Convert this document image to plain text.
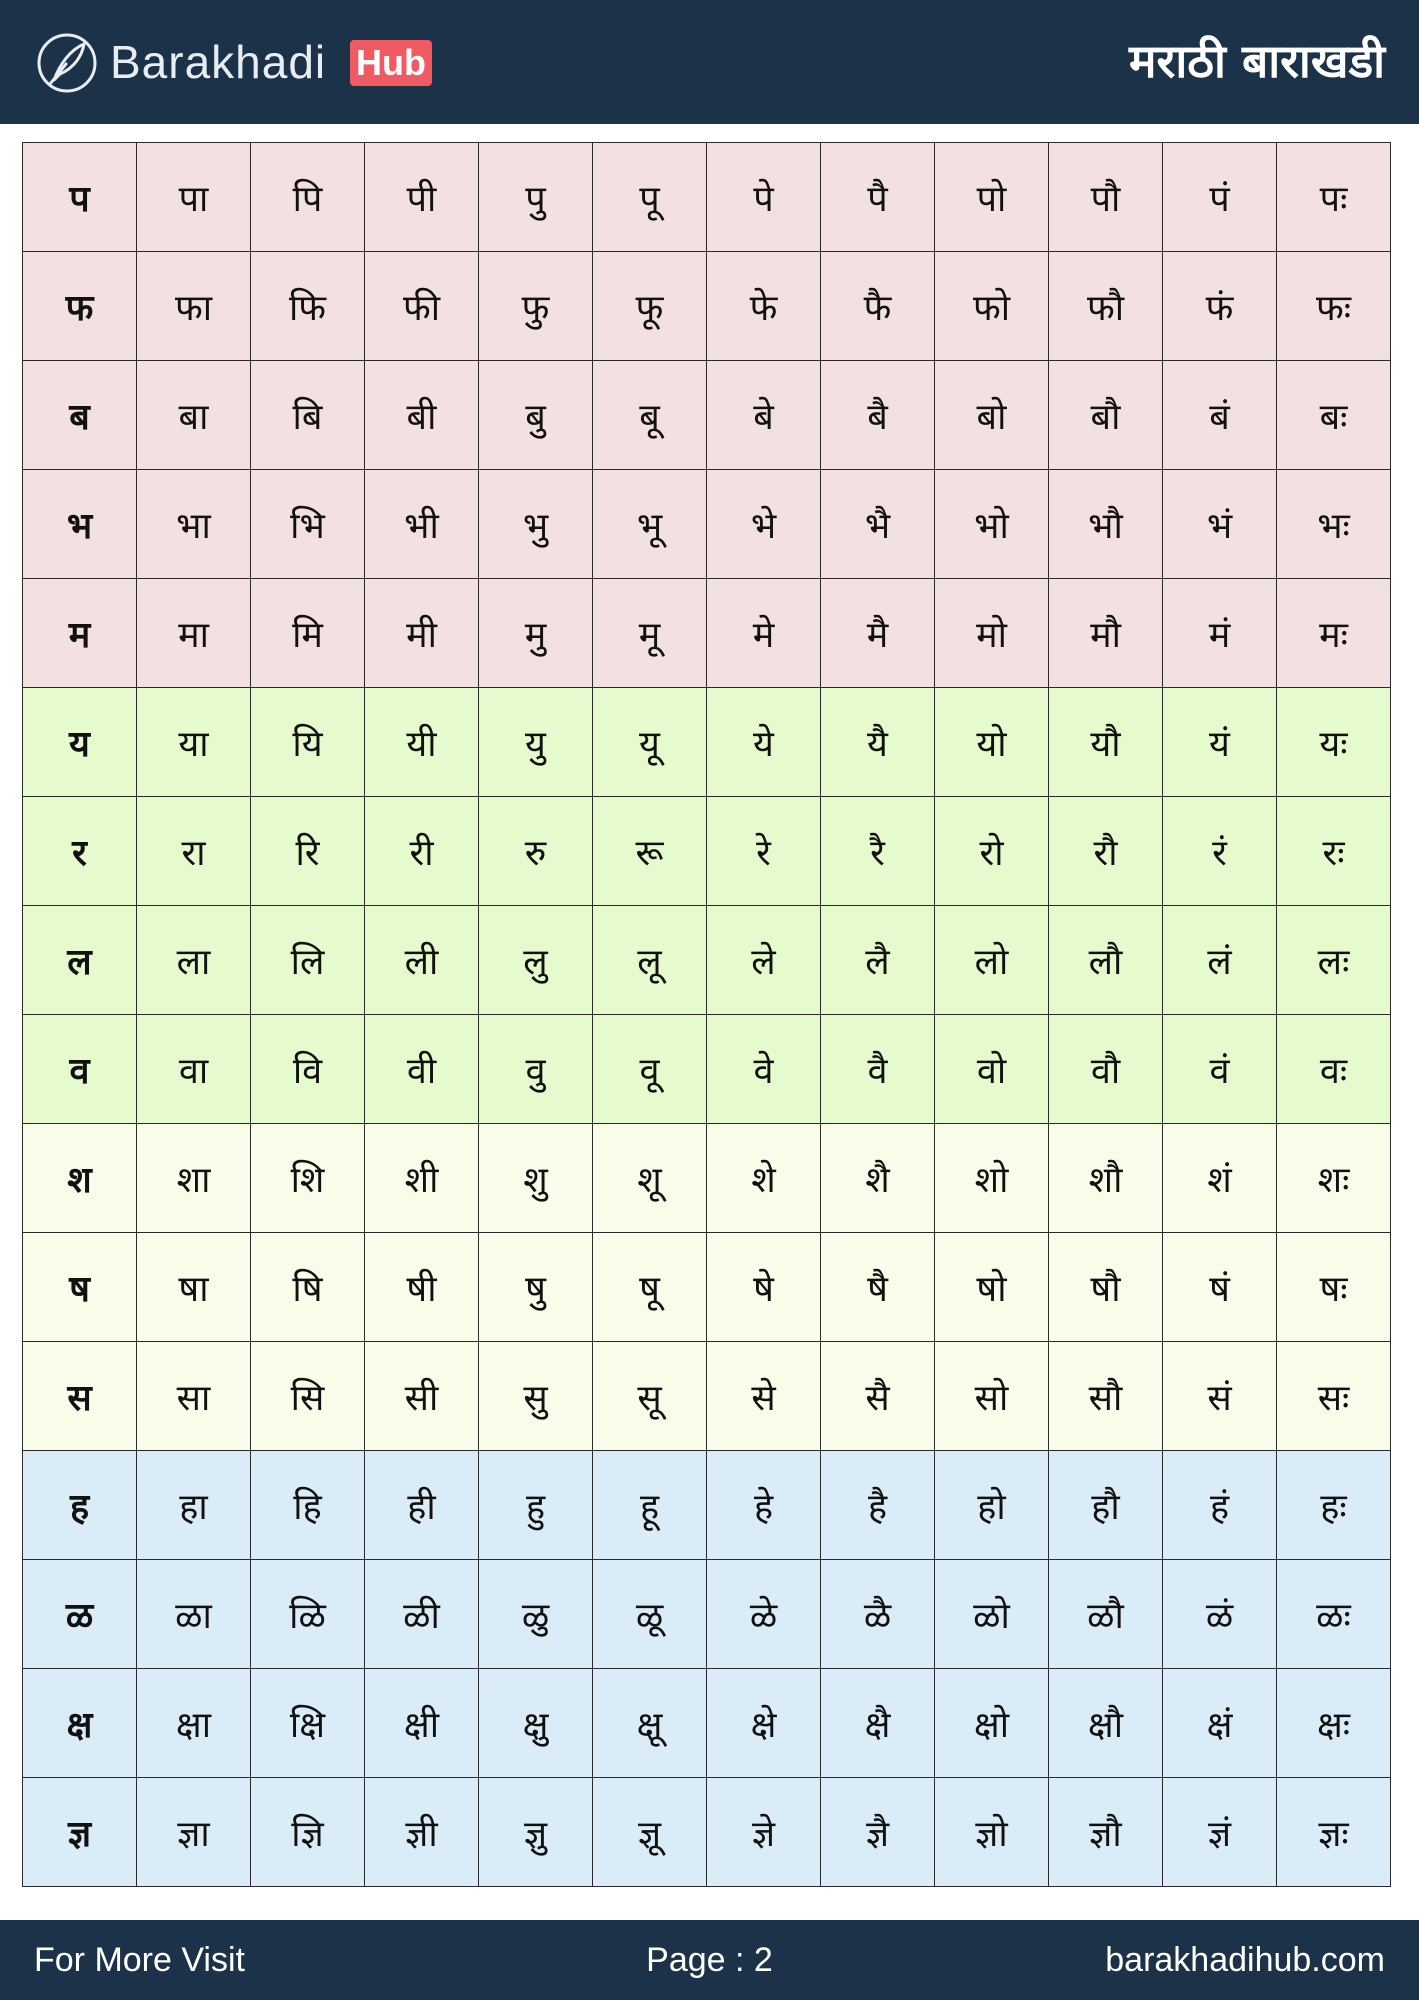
Barakhadi Hub	मराठी बाराखडी
प	पा	पि	पी	पु	पू	पे	पै	पो	पौ	पं	पः
फ	फा	फि	फी	फु	फू	फे	फै	फो	फौ	फं	फः
ब	बा	बि	बी	बु	बू	बे	बै	बो	बौ	बं	बः
भ	भा	भि	भी	भु	भू	भे	भै	भो	भौ	भं	भः
म	मा	मि	मी	मु	मू	मे	मै	मो	मौ	मं	मः
य	या	यि	यी	यु	यू	ये	यै	यो	यौ	यं	यः
र	रा	रि	री	रु	रू	रे	रै	रो	रौ	रं	रः
ल	ला	लि	ली	लु	लू	ले	लै	लो	लौ	लं	लः
व	वा	वि	वी	वु	वू	वे	वै	वो	वौ	वं	वः
श	शा	शि	शी	शु	शू	शे	शै	शो	शौ	शं	शः
ष	षा	षि	षी	षु	षू	षे	षै	षो	षौ	षं	षः
स	सा	सि	सी	सु	सू	से	सै	सो	सौ	सं	सः
ह	हा	हि	ही	हु	हू	हे	है	हो	हौ	हं	हः
ळ	ळा	ळि	ळी	ळु	ळू	ळे	ळै	ळो	ळौ	ळं	ळः
क्ष	क्षा	क्षि	क्षी	क्षु	क्षू	क्षे	क्षै	क्षो	क्षौ	क्षं	क्षः
ज्ञ	ज्ञा	ज्ञि	ज्ञी	ज्ञु	ज्ञू	ज्ञे	ज्ञै	ज्ञो	ज्ञौ	ज्ञं	ज्ञः
For More Visit	Page : 2	barakhadihub.com
